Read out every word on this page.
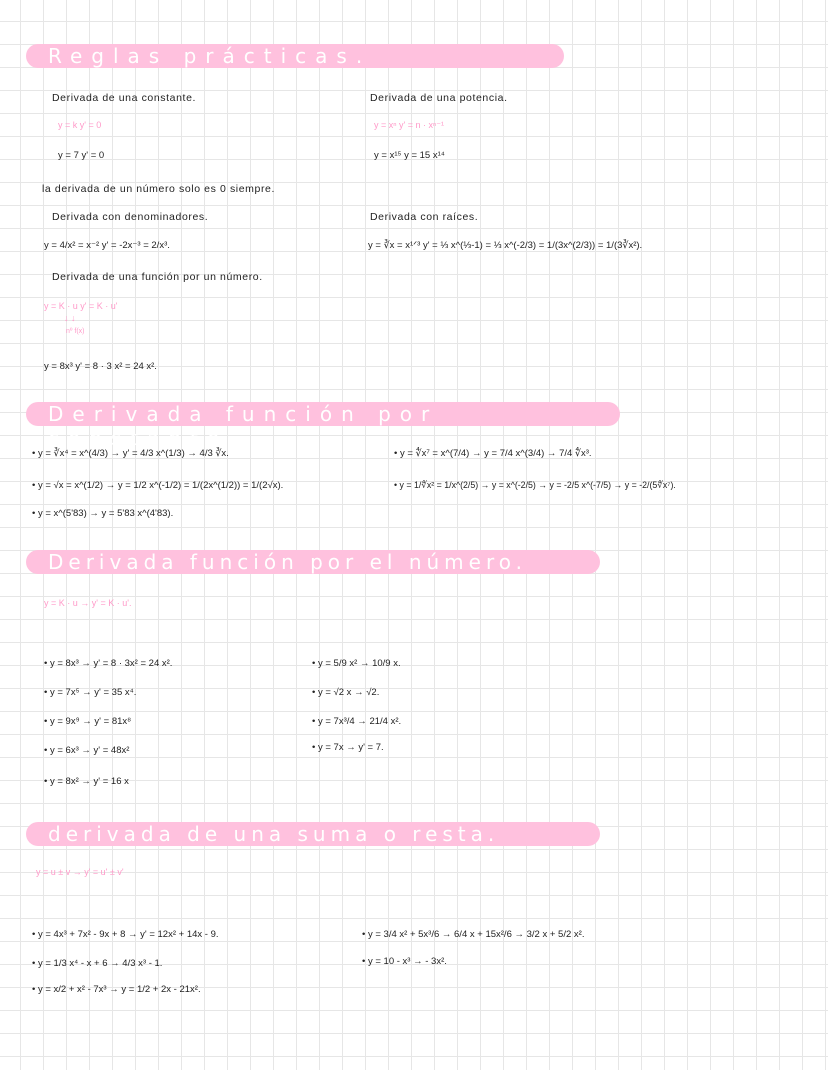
Reglas prácticas.
Derivada función por constante.
Derivada función por el número.
derivada de una suma o resta.
Derivada de una constante.
y = k y' = 0
y = 7 y' = 0
la derivada de un número solo es 0 siempre.
Derivada de una potencia.
y = xⁿ y' = n · xⁿ⁻¹
y = x¹⁵ y = 15 x¹⁴
Derivada con denominadores.
y = 4/x² = x⁻² y' = -2x⁻³ = 2/x³.
Derivada con raíces.
y = ∛x = x¹ᐟ³ y' = ⅓ x^(⅓-1) = ⅓ x^(-2/3) = 1/(3x^(2/3)) = 1/(3∛x²).
Derivada de una función por un número.
y = K · u y' = K · u'
↓ ↓
nº f(x)
y = 8x³ y' = 8 · 3 x² = 24 x².
• y = ∛x⁴ = x^(4/3) → y' = 4/3 x^(1/3) → 4/3 ∛x.
• y = √x = x^(1/2) → y = 1/2 x^(-1/2) = 1/(2x^(1/2)) = 1/(2√x).
• y = x^(5'83) → y = 5'83 x^(4'83).
• y = ∜x⁷ = x^(7/4) → y = 7/4 x^(3/4) → 7/4 ∜x³.
• y = 1/∜x² = 1/x^(2/5) → y = x^(-2/5) → y = -2/5 x^(-7/5) → y = -2/(5∜x⁷).
y = K · u → y' = K · u'.
• y = 8x³ → y' = 8 · 3x² = 24 x².
• y = 7x⁵ → y' = 35 x⁴.
• y = 9x⁹ → y' = 81x⁸
• y = 6x³ → y' = 48x²
• y = 8x² → y' = 16 x
• y = 5/9 x² → 10/9 x.
• y = √2 x → √2.
• y = 7x³/4 → 21/4 x².
• y = 7x → y' = 7.
y = u ± v → y' = u' ± v'
• y = 4x³ + 7x² - 9x + 8 → y' = 12x² + 14x - 9.
• y = 1/3 x⁴ - x + 6 → 4/3 x³ - 1.
• y = x/2 + x² - 7x³ → y = 1/2 + 2x - 21x².
• y = 3/4 x² + 5x³/6 → 6/4 x + 15x²/6 → 3/2 x + 5/2 x².
• y = 10 - x³ → - 3x².
